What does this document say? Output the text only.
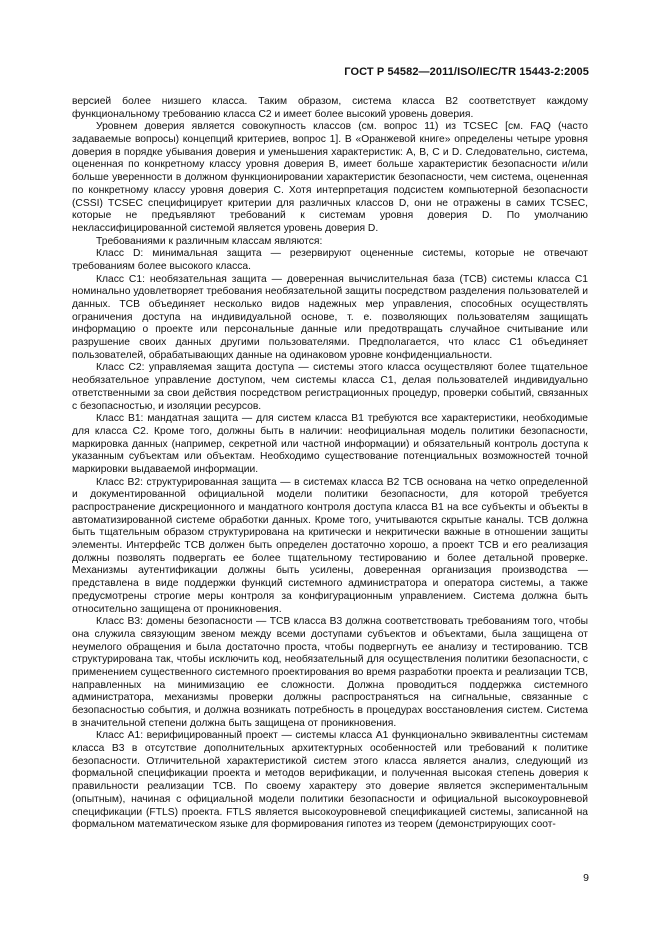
ГОСТ Р 54582—2011/ISO/IEC/TR 15443-2:2005

версией более низшего класса. Таким образом, система класса В2 соответствует каждому функциональному требованию класса С2 и имеет более высокий уровень доверия.

Уровнем доверия является совокупность классов (см. вопрос 11) из TCSEC [см. FAQ (часто задаваемые вопросы) концепций критериев, вопрос 1]. В «Оранжевой книге» определены четыре уровня доверия в порядке убывания доверия и уменьшения характеристик: А, В, С и D. Следовательно, система, оцененная по конкретному классу уровня доверия В, имеет больше характеристик безопасности и/или больше уверенности в должном функционировании характеристик безопасности, чем система, оцененная по конкретному классу уровня доверия С. Хотя интерпретация подсистем компьютерной безопасности (CSSI) TCSEC специфицирует критерии для различных классов D, они не отражены в самих TCSEC, которые не предъявляют требований к системам уровня доверия D. По умолчанию неклассифицированной системой является уровень доверия D.

Требованиями к различным классам являются:

Класс D: минимальная защита — резервируют оцененные системы, которые не отвечают требованиям более высокого класса.

Класс С1: необязательная защита — доверенная вычислительная база (ТСВ) системы класса С1 номинально удовлетворяет требования необязательной защиты посредством разделения пользователей и данных. ТСВ объединяет несколько видов надежных мер управления, способных осуществлять ограничения доступа на индивидуальной основе, т. е. позволяющих пользователям защищать информацию о проекте или персональные данные или предотвращать случайное считывание или разрушение своих данных другими пользователями. Предполагается, что класс С1 объединяет пользователей, обрабатывающих данные на одинаковом уровне конфиденциальности.

Класс С2: управляемая защита доступа — системы этого класса осуществляют более тщательное необязательное управление доступом, чем системы класса С1, делая пользователей индивидуально ответственными за свои действия посредством регистрационных процедур, проверки событий, связанных с безопасностью, и изоляции ресурсов.

Класс В1: мандатная защита — для систем класса В1 требуются все характеристики, необходимые для класса С2. Кроме того, должны быть в наличии: неофициальная модель политики безопасности, маркировка данных (например, секретной или частной информации) и обязательный контроль доступа к указанным субъектам или объектам. Необходимо существование потенциальных возможностей точной маркировки выдаваемой информации.

Класс В2: структурированная защита — в системах класса В2 ТСВ основана на четко определенной и документированной официальной модели политики безопасности, для которой требуется распространение дискреционного и мандатного контроля доступа класса В1 на все субъекты и объекты в автоматизированной системе обработки данных. Кроме того, учитываются скрытые каналы. ТСВ должна быть тщательным образом структурирована на критически и некритически важные в отношении защиты элементы. Интерфейс ТСВ должен быть определен достаточно хорошо, а проект ТСВ и его реализация должны позволять подвергать ее более тщательному тестированию и более детальной проверке. Механизмы аутентификации должны быть усилены, доверенная организация производства — представлена в виде поддержки функций системного администратора и оператора системы, а также предусмотрены строгие меры контроля за конфигурационным управлением. Система должна быть относительно защищена от проникновения.

Класс В3: домены безопасности — ТСВ класса В3 должна соответствовать требованиям того, чтобы она служила связующим звеном между всеми доступами субъектов и объектами, была защищена от неумелого обращения и была достаточно проста, чтобы подвергнуть ее анализу и тестированию. ТСВ структурирована так, чтобы исключить код, необязательный для осуществления политики безопасности, с применением существенного системного проектирования во время разработки проекта и реализации ТСВ, направленных на минимизацию ее сложности. Должна проводиться поддержка системного администратора, механизмы проверки должны распространяться на сигнальные, связанные с безопасностью события, и должна возникать потребность в процедурах восстановления систем. Система в значительной степени должна быть защищена от проникновения.

Класс А1: верифицированный проект — системы класса А1 функционально эквивалентны системам класса В3 в отсутствие дополнительных архитектурных особенностей или требований к политике безопасности. Отличительной характеристикой систем этого класса является анализ, следующий из формальной спецификации проекта и методов верификации, и полученная высокая степень доверия к правильности реализации ТСВ. По своему характеру это доверие является экспериментальным (опытным), начиная с официальной модели политики безопасности и официальной высокоуровневой спецификации (FTLS) проекта. FTLS является высокоуровневой спецификацией системы, записанной на формальном математическом языке для формирования гипотез из теорем (демонстрирующих соот-

9
